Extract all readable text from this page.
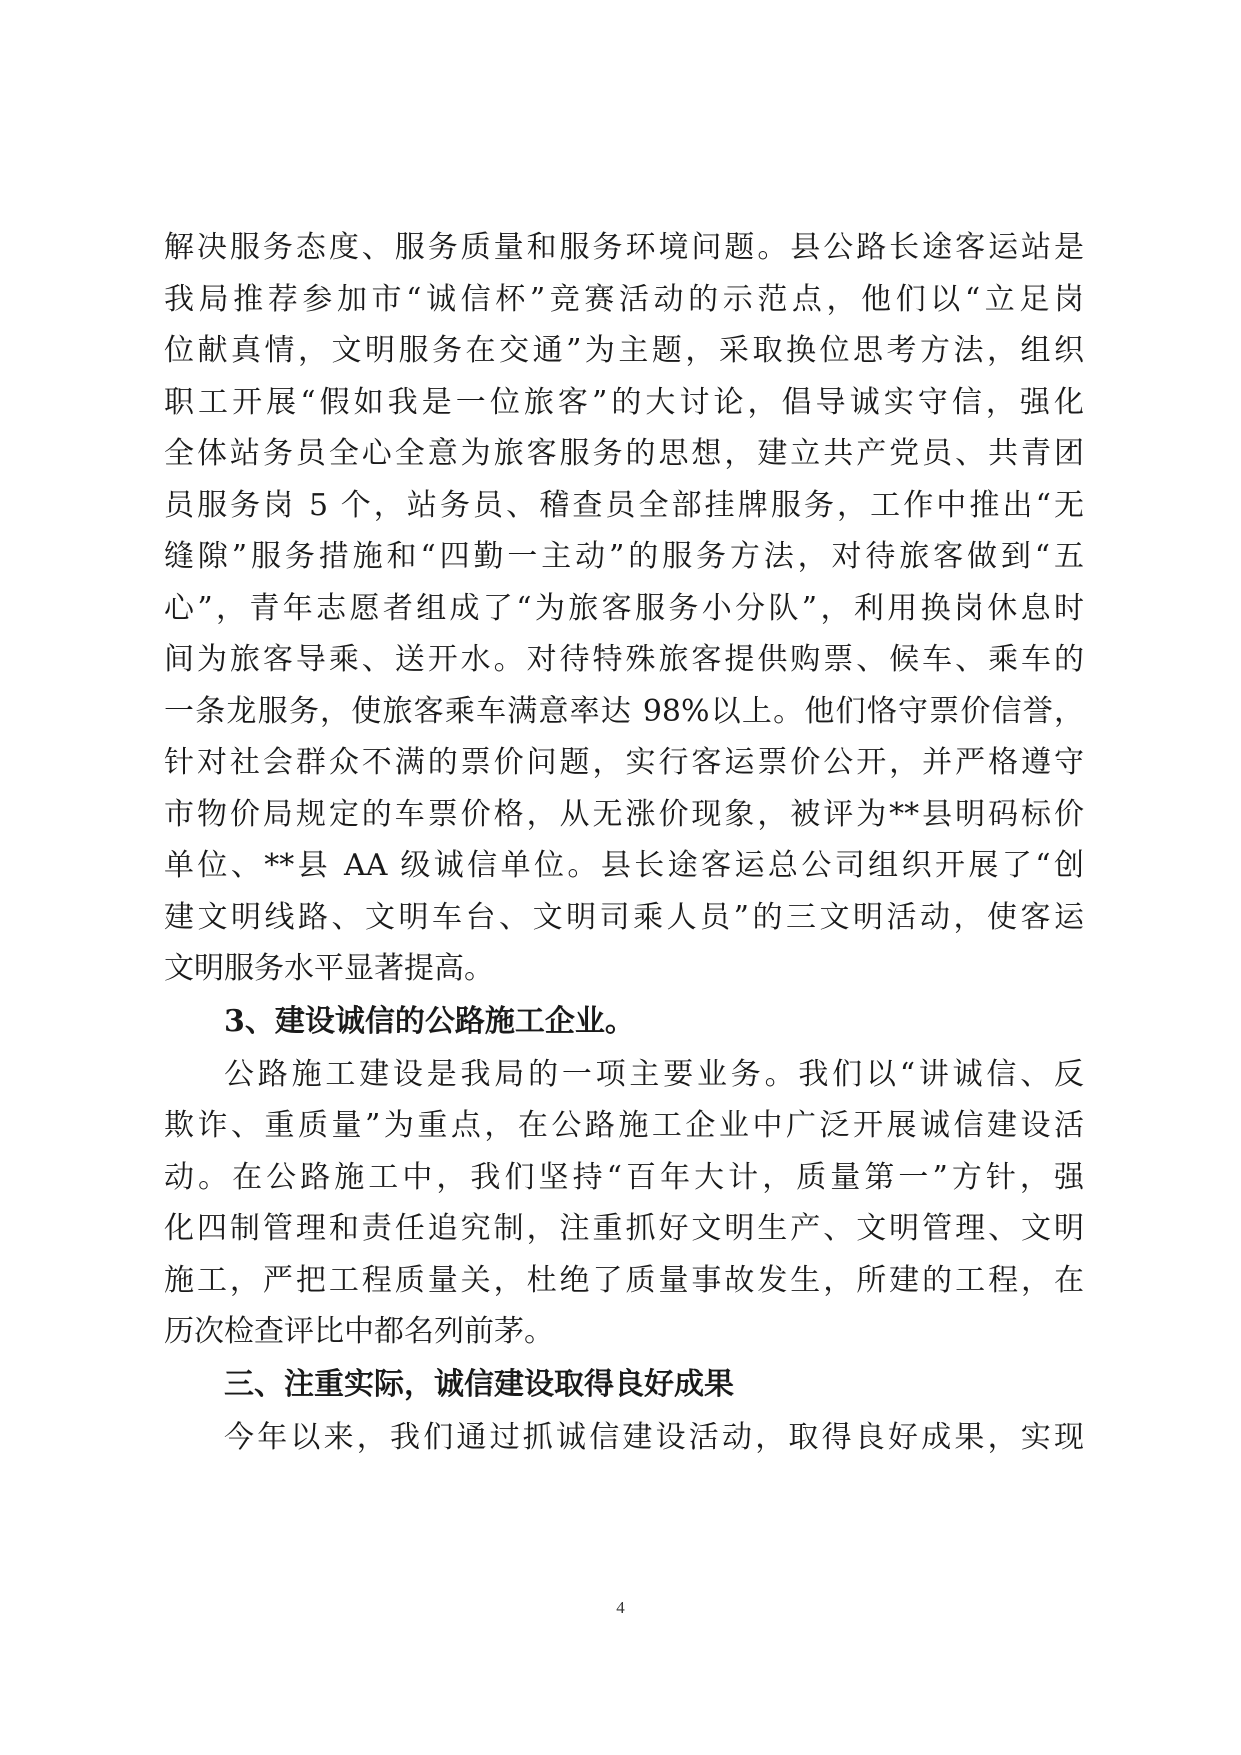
解决服务态度、服务质量和服务环境问题。县公路长途客运站是
我局推荐参加市“诚信杯”竞赛活动的示范点，他们以“立足岗
位献真情，文明服务在交通”为主题，采取换位思考方法，组织
职工开展“假如我是一位旅客”的大讨论，倡导诚实守信，强化
全体站务员全心全意为旅客服务的思想，建立共产党员、共青团
员服务岗 5 个，站务员、稽查员全部挂牌服务，工作中推出“无
缝隙”服务措施和“四勤一主动”的服务方法，对待旅客做到“五
心”，青年志愿者组成了“为旅客服务小分队”，利用换岗休息时
间为旅客导乘、送开水。对待特殊旅客提供购票、候车、乘车的
一条龙服务，使旅客乘车满意率达 98%以上。他们恪守票价信誉，
针对社会群众不满的票价问题，实行客运票价公开，并严格遵守
市物价局规定的车票价格，从无涨价现象，被评为**县明码标价
单位、**县 AA 级诚信单位。县长途客运总公司组织开展了“创
建文明线路、文明车台、文明司乘人员”的三文明活动，使客运
文明服务水平显著提高。
3、建设诚信的公路施工企业。
公路施工建设是我局的一项主要业务。我们以“讲诚信、反
欺诈、重质量”为重点，在公路施工企业中广泛开展诚信建设活
动。在公路施工中，我们坚持“百年大计，质量第一”方针，强
化四制管理和责任追究制，注重抓好文明生产、文明管理、文明
施工，严把工程质量关，杜绝了质量事故发生，所建的工程，在
历次检查评比中都名列前茅。
三、注重实际，诚信建设取得良好成果
今年以来，我们通过抓诚信建设活动，取得良好成果，实现
4
